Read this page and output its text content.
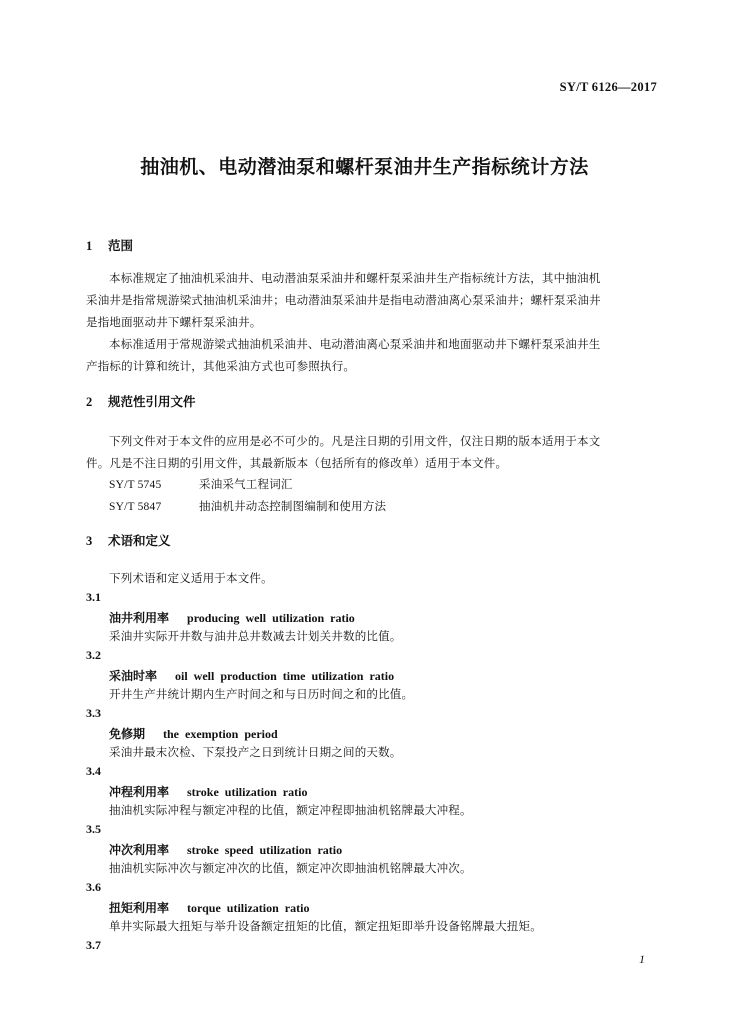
SY/T 6126—2017
抽油机、电动潜油泵和螺杆泵油井生产指标统计方法
1 范围
本标准规定了抽油机采油井、电动潜油泵采油井和螺杆泵采油井生产指标统计方法，其中抽油机
采油井是指常规游梁式抽油机采油井；电动潜油泵采油井是指电动潜油离心泵采油井；螺杆泵采油井
是指地面驱动井下螺杆泵采油井。
本标准适用于常规游梁式抽油机采油井、电动潜油离心泵采油井和地面驱动井下螺杆泵采油井生
产指标的计算和统计，其他采油方式也可参照执行。
2 规范性引用文件
下列文件对于本文件的应用是必不可少的。凡是注日期的引用文件，仅注日期的版本适用于本文
件。凡是不注日期的引用文件，其最新版本（包括所有的修改单）适用于本文件。
SY/T 5745	采油采气工程词汇
SY/T 5847	抽油机井动态控制图编制和使用方法
3 术语和定义
下列术语和定义适用于本文件。
3.1
油井利用率 producing well utilization ratio
采油井实际开井数与油井总井数减去计划关井数的比值。
3.2
采油时率 oil well production time utilization ratio
开井生产井统计期内生产时间之和与日历时间之和的比值。
3.3
免修期 the exemption period
采油井最末次检、下泵投产之日到统计日期之间的天数。
3.4
冲程利用率 stroke utilization ratio
抽油机实际冲程与额定冲程的比值，额定冲程即抽油机铭牌最大冲程。
3.5
冲次利用率 stroke speed utilization ratio
抽油机实际冲次与额定冲次的比值，额定冲次即抽油机铭牌最大冲次。
3.6
扭矩利用率 torque utilization ratio
单井实际最大扭矩与举升设备额定扭矩的比值，额定扭矩即举升设备铭牌最大扭矩。
3.7
1
